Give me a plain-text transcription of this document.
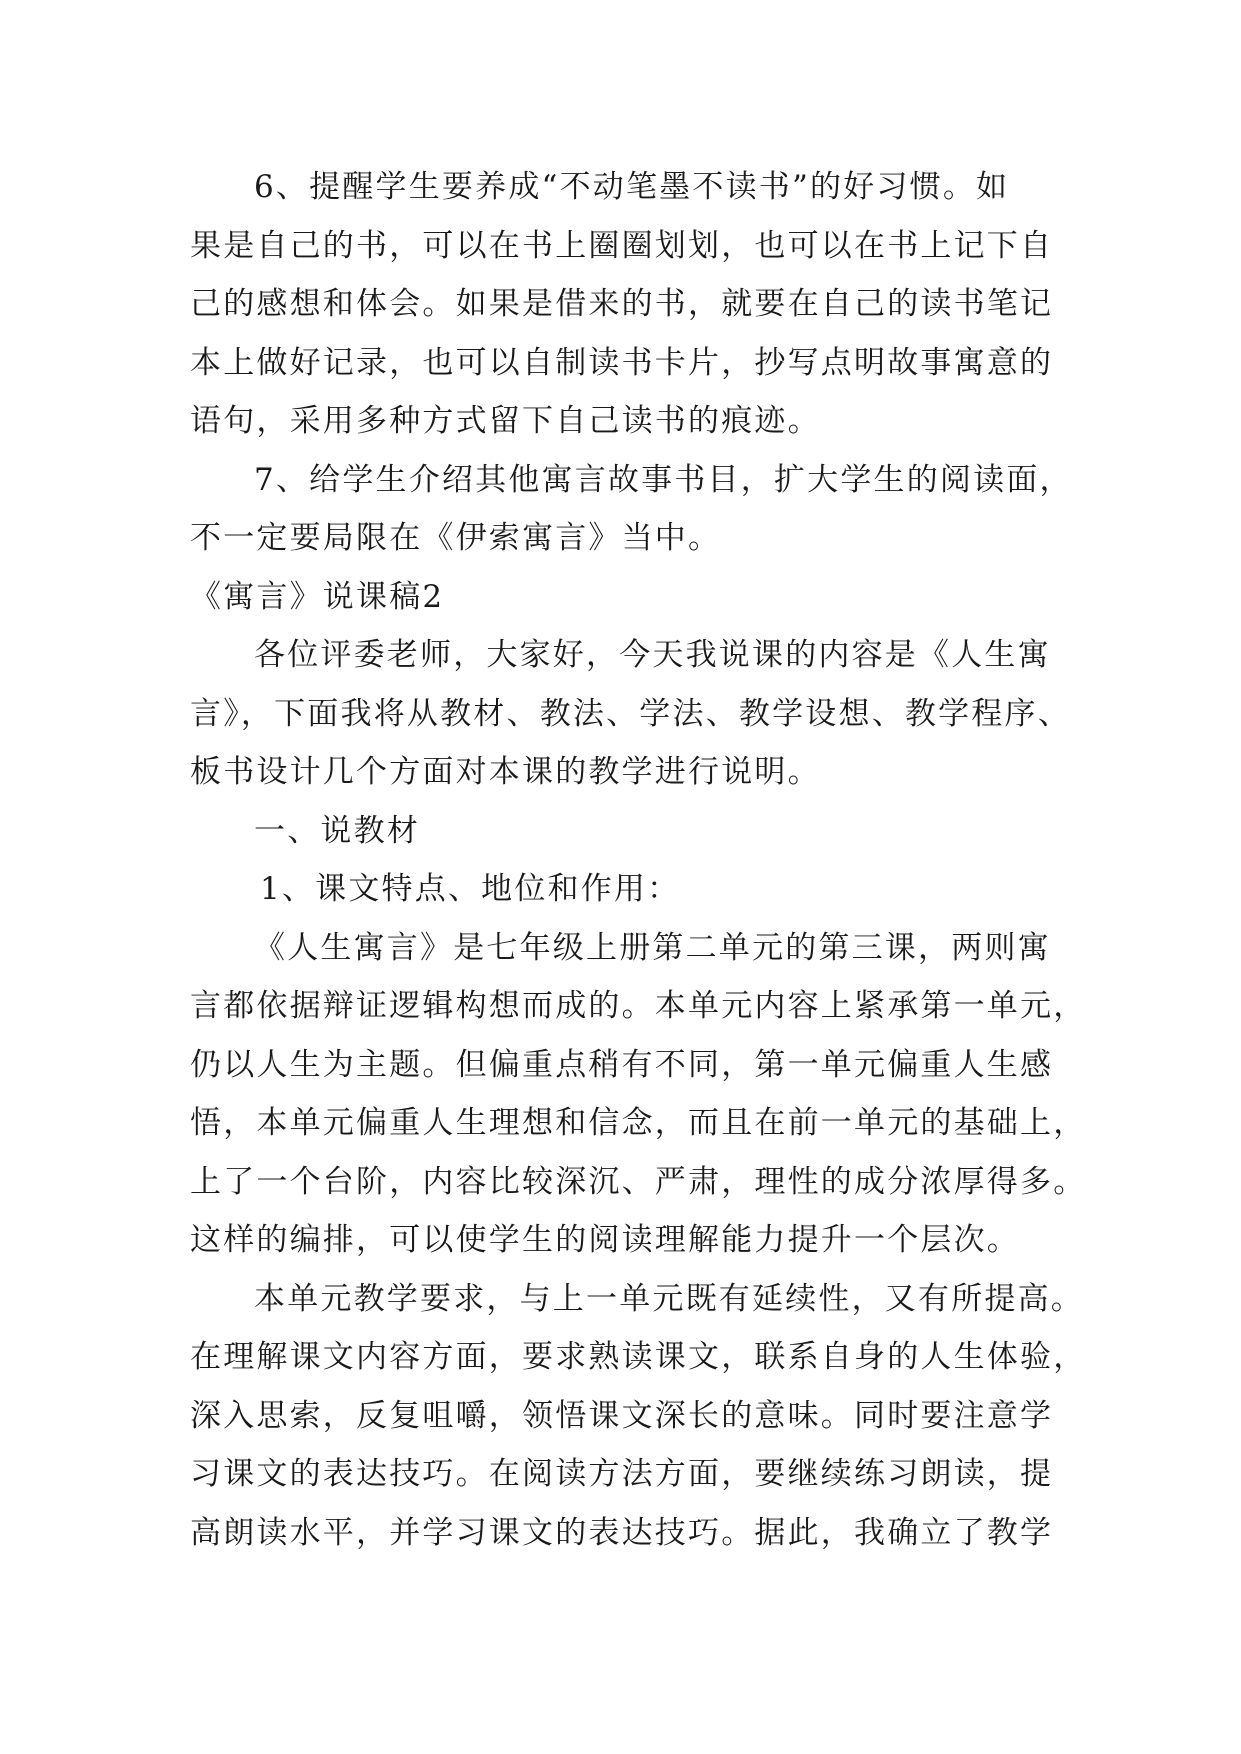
6、提醒学生要养成“不动笔墨不读书”的好习惯。如
果是自己的书，可以在书上圈圈划划，也可以在书上记下自
己的感想和体会。如果是借来的书，就要在自己的读书笔记
本上做好记录，也可以自制读书卡片，抄写点明故事寓意的
语句，采用多种方式留下自己读书的痕迹。
7、给学生介绍其他寓言故事书目，扩大学生的阅读面，
不一定要局限在《伊索寓言》当中。
《寓言》说课稿2
各位评委老师，大家好，今天我说课的内容是《人生寓
言》，下面我将从教材、教法、学法、教学设想、教学程序、
板书设计几个方面对本课的教学进行说明。
一、说教材
1、课文特点、地位和作用：
《人生寓言》是七年级上册第二单元的第三课，两则寓
言都依据辩证逻辑构想而成的。本单元内容上紧承第一单元，
仍以人生为主题。但偏重点稍有不同，第一单元偏重人生感
悟，本单元偏重人生理想和信念，而且在前一单元的基础上，
上了一个台阶，内容比较深沉、严肃，理性的成分浓厚得多。
这样的编排，可以使学生的阅读理解能力提升一个层次。
本单元教学要求，与上一单元既有延续性，又有所提高。
在理解课文内容方面，要求熟读课文，联系自身的人生体验，
深入思索，反复咀嚼，领悟课文深长的意味。同时要注意学
习课文的表达技巧。在阅读方法方面，要继续练习朗读，提
高朗读水平，并学习课文的表达技巧。据此，我确立了教学
